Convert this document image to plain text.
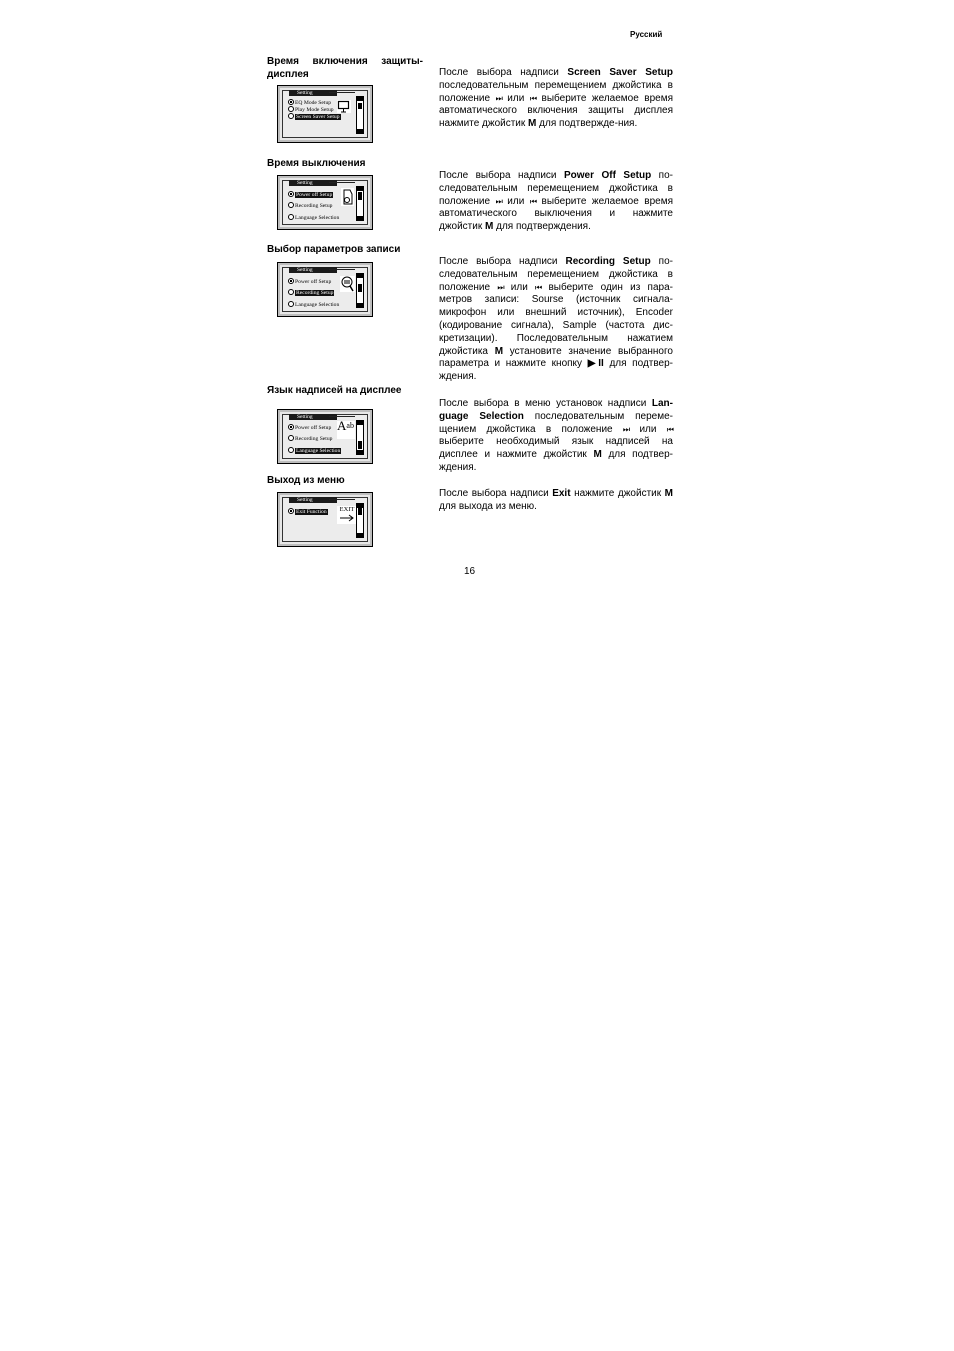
Русский
Время включения защиты-дисплея
Setting
EQ Mode Setup
Play Mode Setup
Screen Saver Setup
После выбора надписи Screen Saver Setup последовательным перемещением джойстика в положение ⏭ или ⏮ выберите желаемое время автоматического включения защиты дисплея нажмите джойстик M для подтвержде-ния.
Время выключения
Setting
Power off Setup
Recording Setup
Language Selection
После выбора надписи Power Off Setup по-следовательным перемещением джойстика в положение ⏭ или ⏮ выберите желаемое время автоматического выключения и нажмите джойстик M для подтверждения.
Выбор параметров записи
Setting
Power off Setup
Recording Setup
Language Selection
После выбора надписи Recording Setup по-следовательным перемещением джойстика в положение ⏭ или ⏮ выберите один из пара-метров записи: Sourse (источник сигнала- микрофон или внешний источник), Encoder (кодирование сигнала), Sample (частота дис-кретизации). Последовательным нажатием джойстика M установите значение выбранного параметра и нажмите кнопку ▶II для подтвер-ждения.
Язык надписей на дисплее
Setting
Power off Setup
Recording Setup
Language Selection
$A^{ab}$
После выбора в меню установок надписи Lan-guage Selection последовательным переме-щением джойстика в положение ⏭ или ⏮ выберите необходимый язык надписей на дисплее и нажмите джойстик M для подтвер-ждения.
Выход из меню
Setting
Exit Function	EXIT
После выбора надписи Exit нажмите джойстик M для выхода из меню.
16
